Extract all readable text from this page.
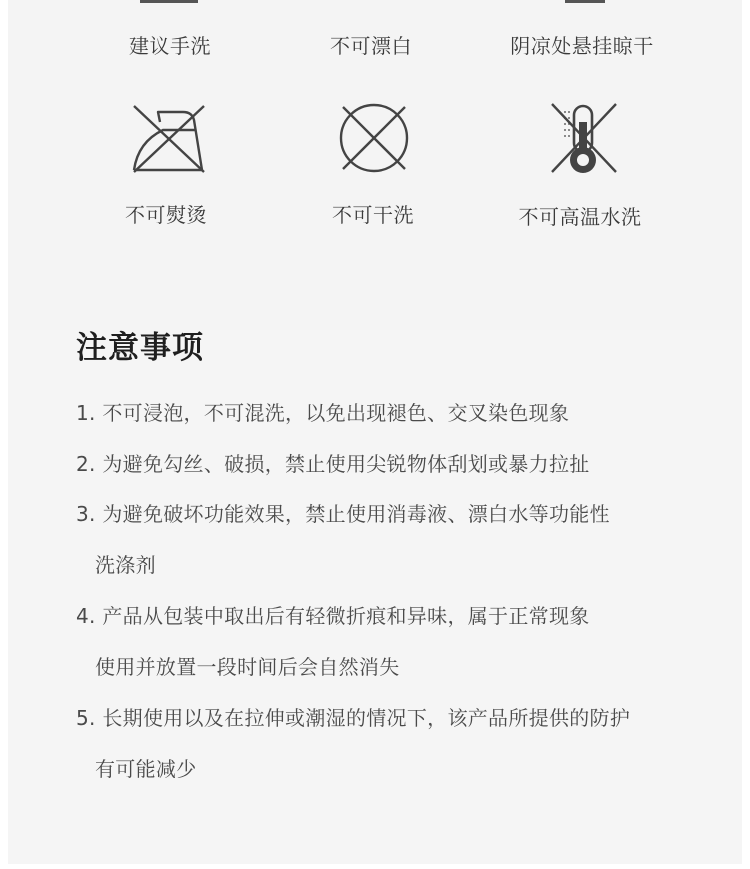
建议手洗	不可漂白	阴凉处悬挂晾干
不可熨烫	不可干洗	不可高温水洗
注意事项
1. 不可浸泡，不可混洗，以免出现褪色、交叉染色现象
2. 为避免勾丝、破损，禁止使用尖锐物体刮划或暴力拉扯
3. 为避免破坏功能效果，禁止使用消毒液、漂白水等功能性
洗涤剂
4. 产品从包装中取出后有轻微折痕和异味，属于正常现象
使用并放置一段时间后会自然消失
5. 长期使用以及在拉伸或潮湿的情况下，该产品所提供的防护
有可能减少
